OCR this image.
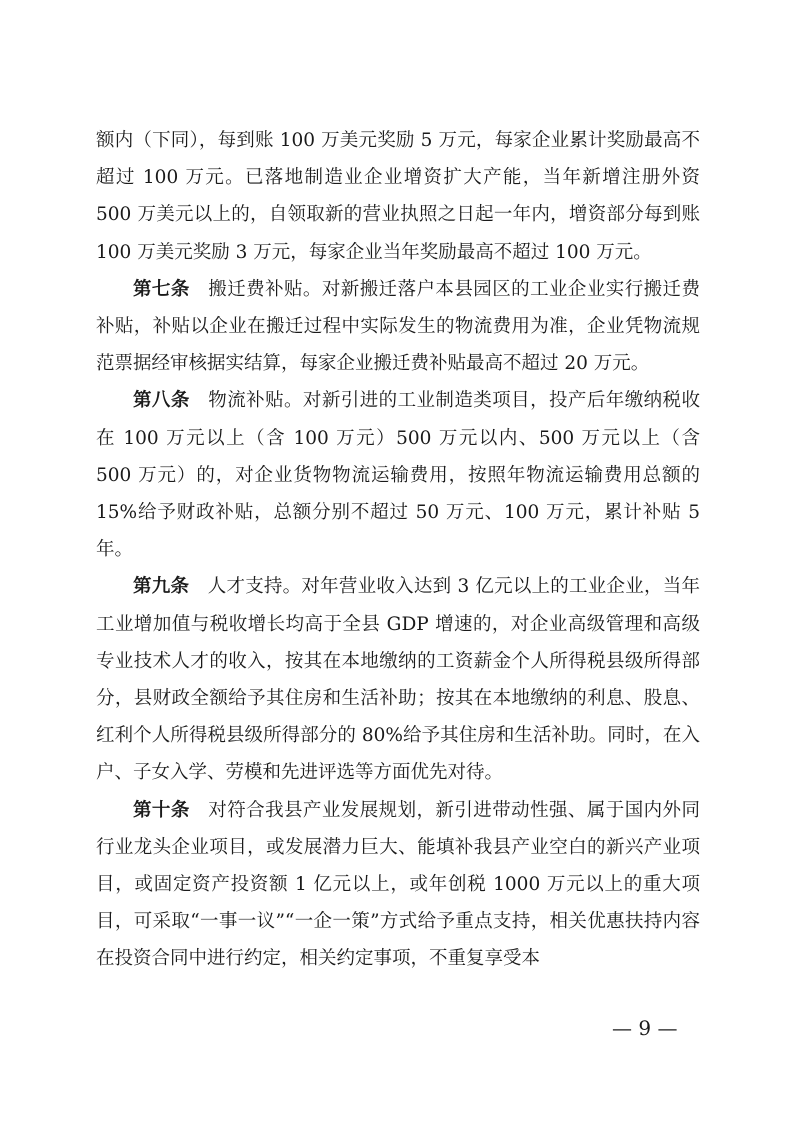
额内（下同），每到账 100 万美元奖励 5 万元，每家企业累计奖励最高不超过 100 万元。已落地制造业企业增资扩大产能，当年新增注册外资 500 万美元以上的，自领取新的营业执照之日起一年内，增资部分每到账 100 万美元奖励 3 万元，每家企业当年奖励最高不超过 100 万元。

第七条 搬迁费补贴。对新搬迁落户本县园区的工业企业实行搬迁费补贴，补贴以企业在搬迁过程中实际发生的物流费用为准，企业凭物流规范票据经审核据实结算，每家企业搬迁费补贴最高不超过 20 万元。

第八条 物流补贴。对新引进的工业制造类项目，投产后年缴纳税收在 100 万元以上（含 100 万元）500 万元以内、500 万元以上（含 500 万元）的，对企业货物物流运输费用，按照年物流运输费用总额的 15%给予财政补贴，总额分别不超过 50 万元、100 万元，累计补贴 5 年。

第九条 人才支持。对年营业收入达到 3 亿元以上的工业企业，当年工业增加值与税收增长均高于全县 GDP 增速的，对企业高级管理和高级专业技术人才的收入，按其在本地缴纳的工资薪金个人所得税县级所得部分，县财政全额给予其住房和生活补助；按其在本地缴纳的利息、股息、红利个人所得税县级所得部分的 80%给予其住房和生活补助。同时，在入户、子女入学、劳模和先进评选等方面优先对待。

第十条 对符合我县产业发展规划，新引进带动性强、属于国内外同行业龙头企业项目，或发展潜力巨大、能填补我县产业空白的新兴产业项目，或固定资产投资额 1 亿元以上，或年创税 1000 万元以上的重大项目，可采取“一事一议”“一企一策”方式给予重点支持，相关优惠扶持内容在投资合同中进行约定，相关约定事项，不重复享受本

— 9 —
